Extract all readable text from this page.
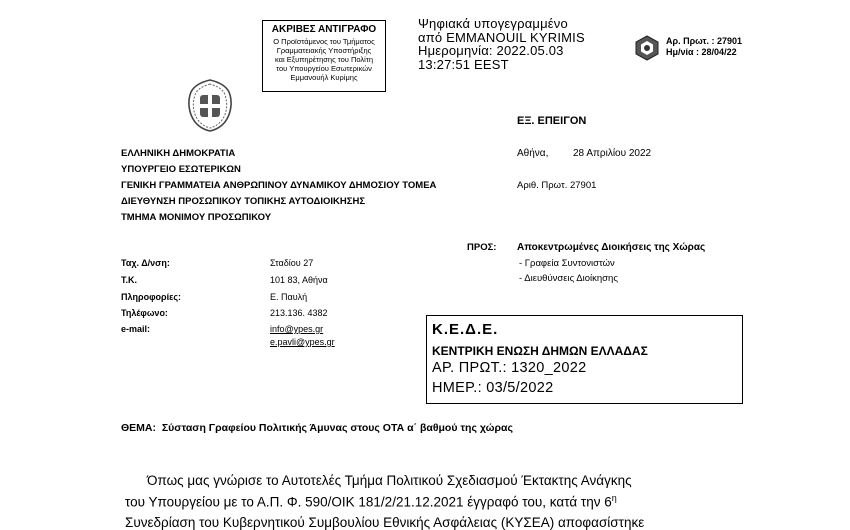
ΑΚΡΙΒΕΣ ΑΝΤΙΓΡΑΦΟ
Ο Προϊστάμενος του Τμήματος
Γραμματειακής Υποστήριξης
και Εξυπηρέτησης του Πολίτη
του Υπουργείου Εσωτερικών
Εμμανουήλ Κυρίμης
Ψηφιακά υπογεγραμμένο
από EMMANOUIL KYRIMIS
Ημερομηνία: 2022.05.03
13:27:51 EEST
Αρ. Πρωτ. : 27901
Ημ/νία : 28/04/22
ΕΞ. ΕΠΕΙΓΟΝ
ΕΛΛΗΝΙΚΗ ΔΗΜΟΚΡΑΤΙΑ
ΥΠΟΥΡΓΕΙΟ ΕΣΩΤΕΡΙΚΩΝ
ΓΕΝΙΚΗ ΓΡΑΜΜΑΤΕΙΑ ΑΝΘΡΩΠΙΝΟΥ ΔΥΝΑΜΙΚΟΥ ΔΗΜΟΣΙΟΥ ΤΟΜΕΑ
ΔΙΕΥΘΥΝΣΗ ΠΡΟΣΩΠΙΚΟΥ ΤΟΠΙΚΗΣ ΑΥΤΟΔΙΟΙΚΗΣΗΣ
ΤΜΗΜΑ ΜΟΝΙΜΟΥ ΠΡΟΣΩΠΙΚΟΥ
Αθήνα, 28 Απριλίου 2022
Αριθ. Πρωτ. 27901
ΠΡΟΣ: Αποκεντρωμένες Διοικήσεις της Χώρας
- Γραφεία Συντονιστών
- Διευθύνσεις Διοίκησης
Ταχ. Δ/νση:	Σταδίου 27
Τ.Κ.	101 83, Αθήνα
Πληροφορίες:	Ε. Παυλή
Τηλέφωνο:	213.136. 4382
e-mail:	info@ypes.gr
e.pavli@ypes.gr
Κ.Ε.Δ.Ε.
ΚΕΝΤΡΙΚΗ ΕΝΩΣΗ ΔΗΜΩΝ ΕΛΛΑΔΑΣ
ΑΡ. ΠΡΩΤ.: 1320_2022
ΗΜΕΡ.: 03/5/2022
ΘΕΜΑ: Σύσταση Γραφείου Πολιτικής Άμυνας στους ΟΤΑ α΄ βαθμού της χώρας
Όπως μας γνώρισε το Αυτοτελές Τμήμα Πολιτικού Σχεδιασμού Έκτακτης Ανάγκης
του Υπουργείου με το Α.Π. Φ. 590/ΟΙΚ 181/2/21.12.2021 έγγραφό του, κατά την $6^\eta$
Συνεδρίαση του Κυβερνητικού Συμβουλίου Εθνικής Ασφάλειας (ΚΥΣΕΑ) αποφασίστηκε
